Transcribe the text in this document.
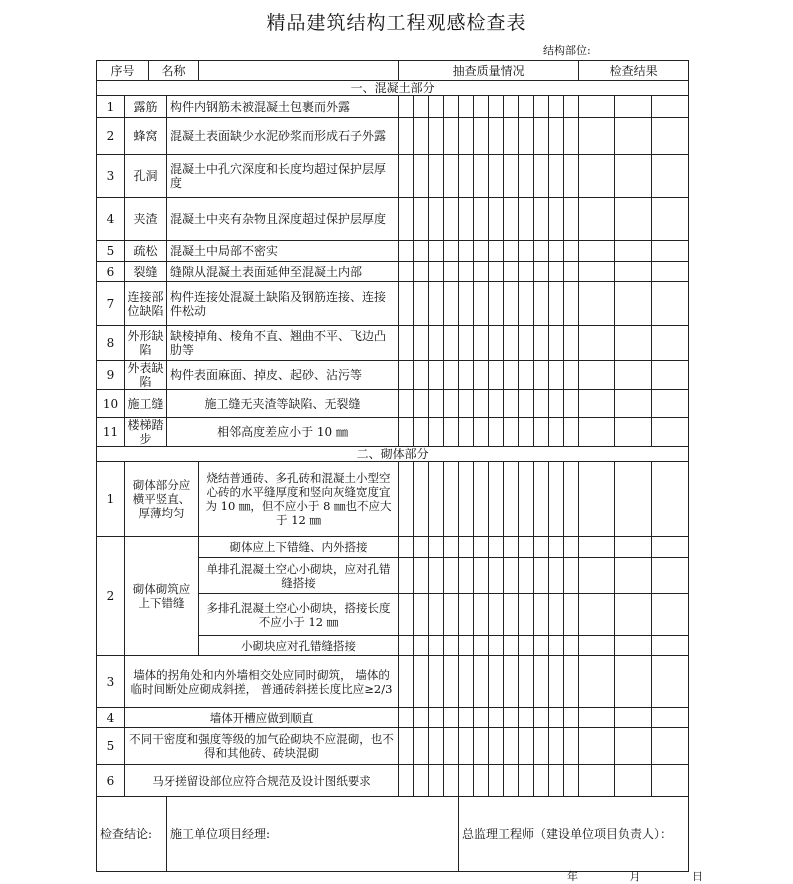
精品建筑结构工程观感检查表
结构部位:
序号		名称			抽查质量情况												检查结果		
一、混凝土部分																			
1	露筋		构件内钢筋未被混凝土包裹而外露																
2	蜂窝		混凝土表面缺少水泥砂浆而形成石子外露																
3	孔洞		混凝土中孔穴深度和长度均超过保护层厚度																
4	夹渣		混凝土中夹有杂物且深度超过保护层厚度																
5	疏松		混凝土中局部不密实																
6	裂缝		缝隙从混凝土表面延伸至混凝土内部																
7	连接部位缺陷		构件连接处混凝土缺陷及钢筋连接、连接件松动																
8	外形缺陷		缺棱掉角、棱角不直、翘曲不平、飞边凸肋等																
9	外表缺陷		构件表面麻面、掉皮、起砂、沾污等																
10	施工缝		施工缝无夹渣等缺陷、无裂缝																
11	楼梯踏步		相邻高度差应小于 10 ㎜																
二、砌体部分																			
1	砌体部分应横平竖直、厚薄均匀			烧结普通砖、多孔砖和混凝土小型空心砖的水平缝厚度和竖向灰缝宽度宜为 10 ㎜，但不应小于 8 ㎜也不应大于 12 ㎜															
2	砌体砌筑应上下错缝			砌体应上下错缝、内外搭接															
				单排孔混凝土空心小砌块，应对孔错缝搭接															
				多排孔混凝土空心小砌块，搭接长度不应小于 12 ㎜															
				小砌块应对孔错缝搭接															
3	墙体的拐角处和内外墙相交处应同时砌筑， 墙体的临时间断处应砌成斜搓， 普通砖斜搓长度比应≥2/3																		
4	墙体开槽应做到顺直																		
5	不同干密度和强度等级的加气砼砌块不应混砌，也不得和其他砖、砖块混砌																		
6	马牙搓留设部位应符合规范及设计图纸要求																		
检查结论:			施工单位项目经理:						总监理工程师（建设单位项目负责人）：										
年 月 日
